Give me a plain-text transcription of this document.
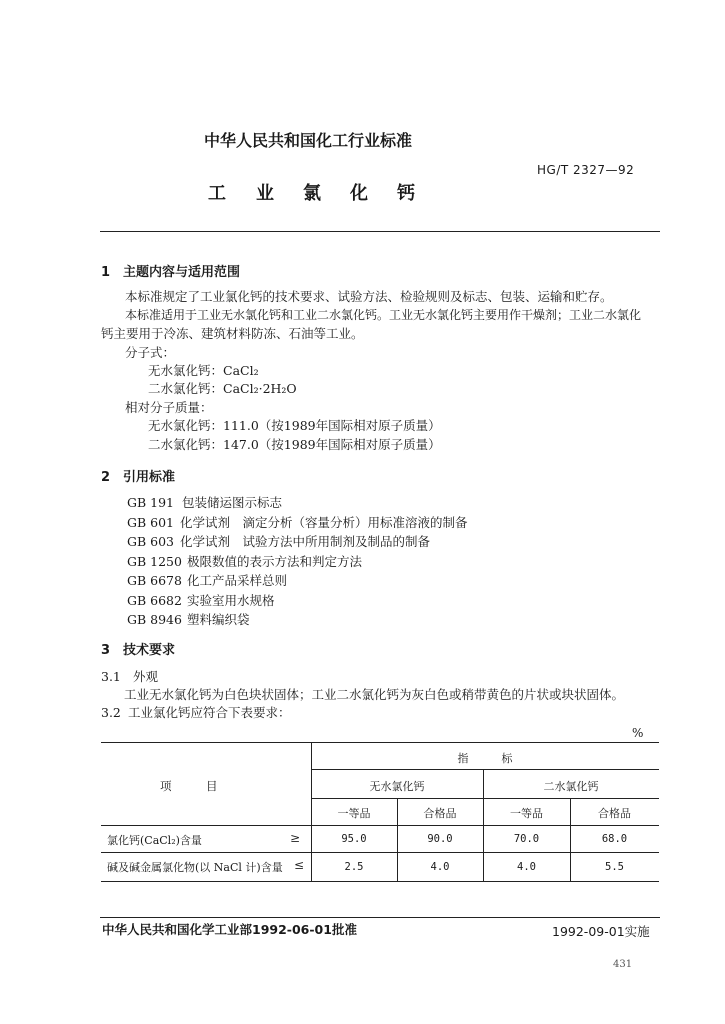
中华人民共和国化工行业标准
HG/T 2327—92
工 业 氯 化 钙
1　主题内容与适用范围
本标准规定了工业氯化钙的技术要求、试验方法、检验规则及标志、包装、运输和贮存。
本标准适用于工业无水氯化钙和工业二水氯化钙。工业无水氯化钙主要用作干燥剂；工业二水氯化
钙主要用于冷冻、建筑材料防冻、石油等工业。
分子式：
无水氯化钙：CaCl₂
二水氯化钙：CaCl₂·2H₂O
相对分子质量：
无水氯化钙：111.0（按1989年国际相对原子质量）
二水氯化钙：147.0（按1989年国际相对原子质量）
2　引用标准
GB 191 包装储运图示标志
GB 601 化学试剂　滴定分析（容量分析）用标准溶液的制备
GB 603 化学试剂　试验方法中所用制剂及制品的制备
GB 1250 极限数值的表示方法和判定方法
GB 6678 化工产品采样总则
GB 6682 实验室用水规格
GB 8946 塑料编织袋
3　技术要求
3.1 外观
工业无水氯化钙为白色块状固体；工业二水氯化钙为灰白色或稍带黄色的片状或块状固体。
3.2 工业氯化钙应符合下表要求：
%
项　　　目
指　　　标
无水氯化钙	二水氯化钙
一等品	合格品	一等品	合格品
氯化钙(CaCl₂)含量	≥	95.0	90.0	70.0	68.0
碱及碱金属氯化物(以 NaCl 计)含量 ≤	2.5	4.0	4.0	5.5
中华人民共和国化学工业部1992-06-01批准	1992-09-01实施
431
